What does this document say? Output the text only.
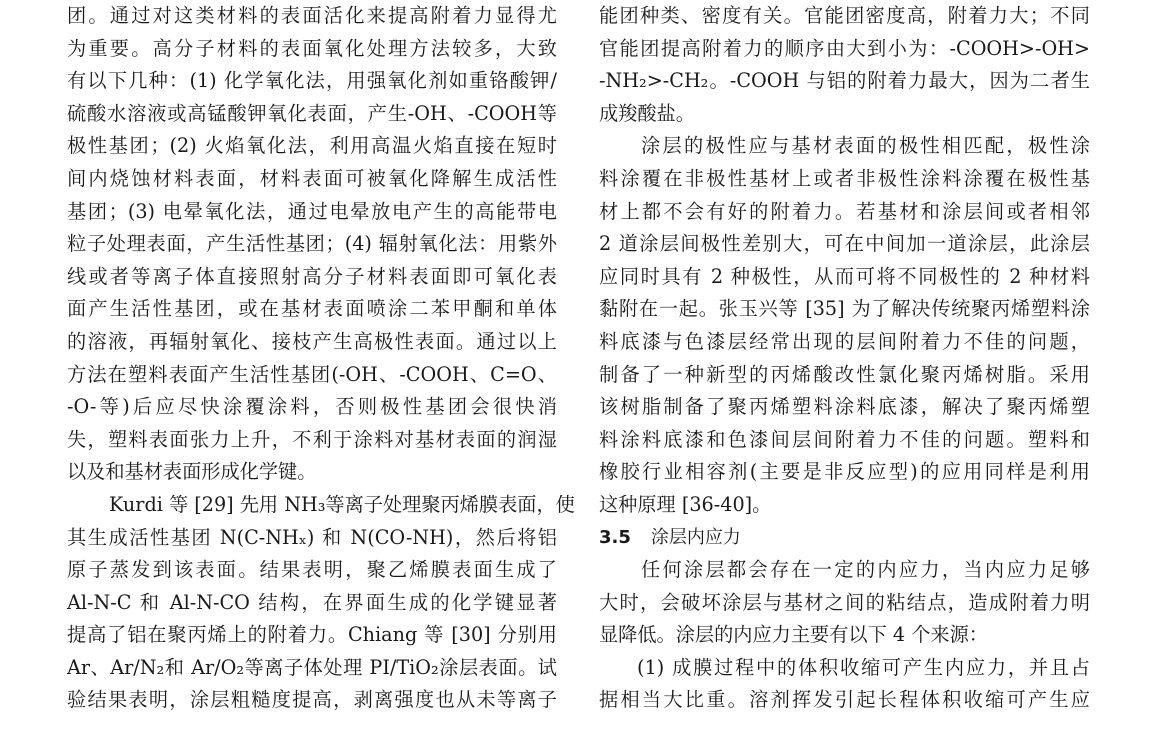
团。通过对这类材料的表面活化来提高附着力显得尤
为重要。高分子材料的表面氧化处理方法较多，大致
有以下几种：(1) 化学氧化法，用强氧化剂如重铬酸钾/
硫酸水溶液或高锰酸钾氧化表面，产生-OH、-COOH等
极性基团；(2) 火焰氧化法，利用高温火焰直接在短时
间内烧蚀材料表面，材料表面可被氧化降解生成活性
基团；(3) 电晕氧化法，通过电晕放电产生的高能带电
粒子处理表面，产生活性基团；(4) 辐射氧化法：用紫外
线或者等离子体直接照射高分子材料表面即可氧化表
面产生活性基团，或在基材表面喷涂二苯甲酮和单体
的溶液，再辐射氧化、接枝产生高极性表面。通过以上
方法在塑料表面产生活性基团(-OH、-COOH、C=O、
-O-等)后应尽快涂覆涂料，否则极性基团会很快消
失，塑料表面张力上升，不利于涂料对基材表面的润湿
以及和基材表面形成化学键。
Kurdi 等 [29] 先用 NH₃等离子处理聚丙烯膜表面，使
其生成活性基团 N(C-NHₓ) 和 N(CO-NH)，然后将铝
原子蒸发到该表面。结果表明，聚乙烯膜表面生成了
Al-N-C 和 Al-N-CO 结构，在界面生成的化学键显著
提高了铝在聚丙烯上的附着力。Chiang 等 [30] 分别用
Ar、Ar/N₂和 Ar/O₂等离子体处理 PI/TiO₂涂层表面。试
验结果表明，涂层粗糙度提高，剥离强度也从未等离子
能团种类、密度有关。官能团密度高，附着力大；不同
官能团提高附着力的顺序由大到小为：-COOH>-OH>
-NH₂>-CH₂。-COOH 与铝的附着力最大，因为二者生
成羧酸盐。
涂层的极性应与基材表面的极性相匹配，极性涂
料涂覆在非极性基材上或者非极性涂料涂覆在极性基
材上都不会有好的附着力。若基材和涂层间或者相邻
2 道涂层间极性差别大，可在中间加一道涂层，此涂层
应同时具有 2 种极性，从而可将不同极性的 2 种材料
黏附在一起。张玉兴等 [35] 为了解决传统聚丙烯塑料涂
料底漆与色漆层经常出现的层间附着力不佳的问题，
制备了一种新型的丙烯酸改性氯化聚丙烯树脂。采用
该树脂制备了聚丙烯塑料涂料底漆，解决了聚丙烯塑
料涂料底漆和色漆间层间附着力不佳的问题。塑料和
橡胶行业相容剂(主要是非反应型)的应用同样是利用
这种原理 [36-40]。
3.5 涂层内应力
任何涂层都会存在一定的内应力，当内应力足够
大时，会破坏涂层与基材之间的粘结点，造成附着力明
显降低。涂层的内应力主要有以下 4 个来源：
(1) 成膜过程中的体积收缩可产生内应力，并且占
据相当大比重。溶剂挥发引起长程体积收缩可产生应
